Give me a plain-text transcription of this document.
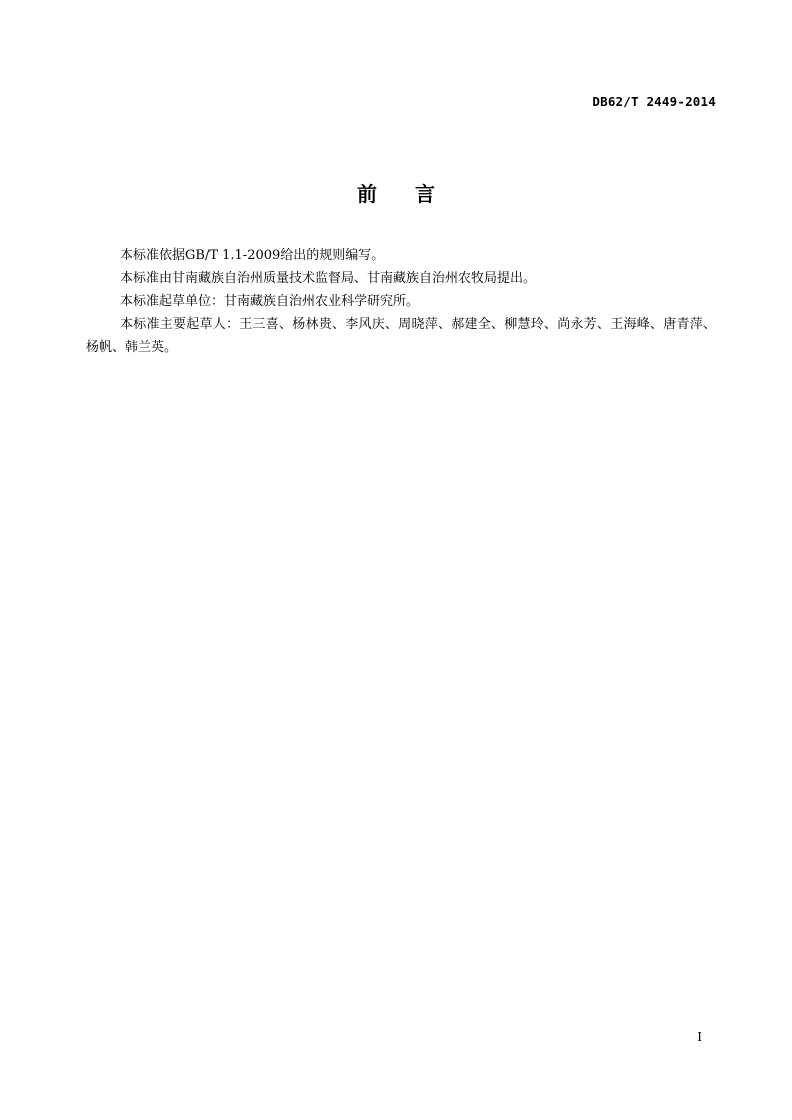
DB62/T 2449-2014
前 言

本标准依据GB/T 1.1-2009给出的规则编写。

本标准由甘南藏族自治州质量技术监督局、甘南藏族自治州农牧局提出。

本标准起草单位：甘南藏族自治州农业科学研究所。

本标准主要起草人：王三喜、杨林贵、李风庆、周晓萍、郝建全、柳慧玲、尚永芳、王海峰、唐青萍、杨帆、韩兰英。

I
